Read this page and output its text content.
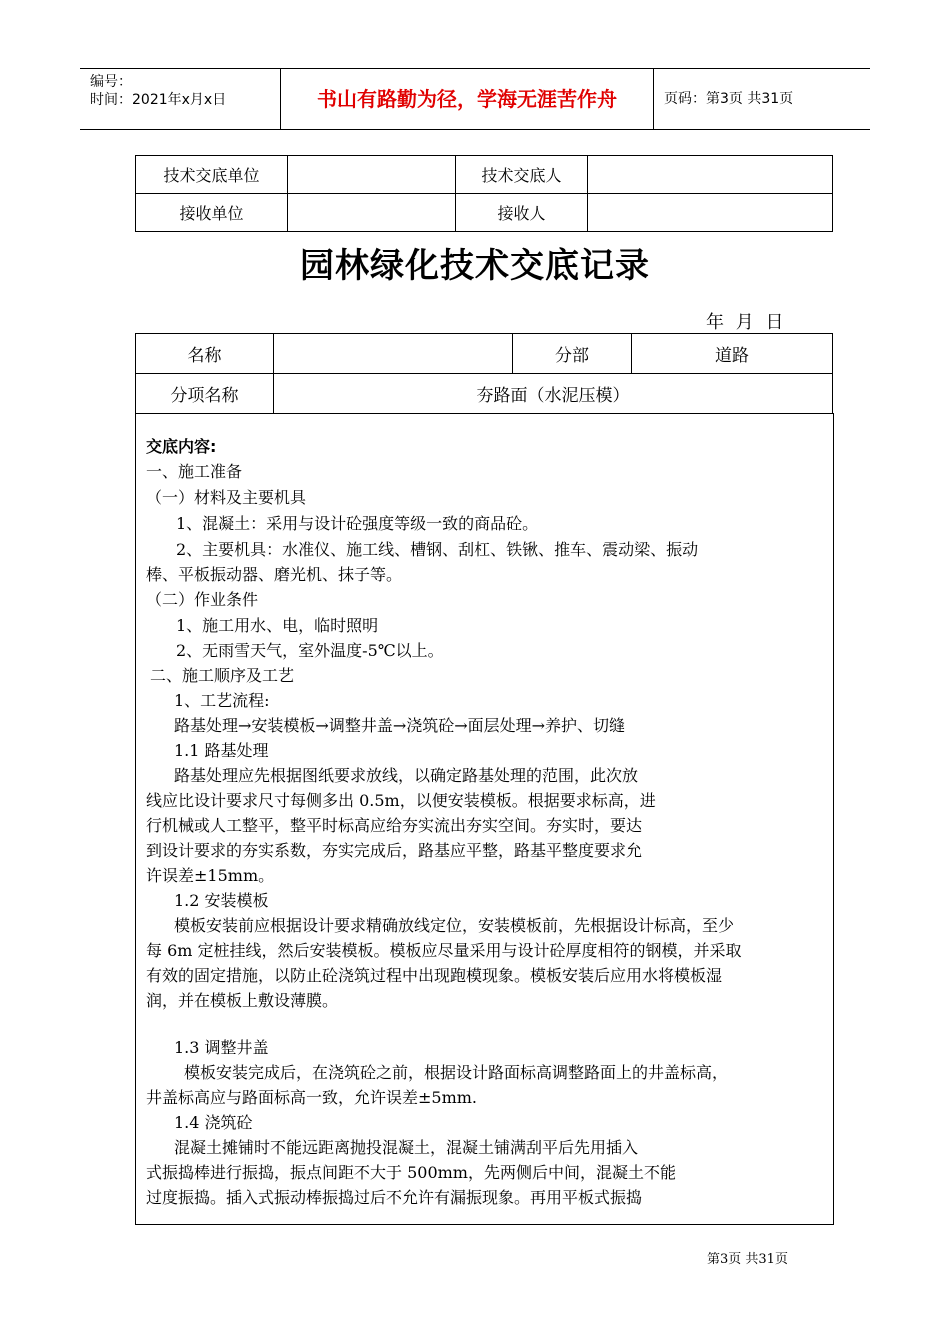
编号：
时间：2021年x月x日	书山有路勤为径，学海无涯苦作舟	页码：第3页 共31页
技术交底单位		技术交底人	
接收单位		接收人	
园林绿化技术交底记录
年 月 日
名称		分部	道路
分项名称	夯路面（水泥压模）		
交底内容:
一、施工准备
（一）材料及主要机具
1、混凝土：采用与设计砼强度等级一致的商品砼。
2、主要机具：水准仪、施工线、槽钢、刮杠、铁锹、推车、震动梁、振动
棒、平板振动器、磨光机、抹子等。
（二）作业条件
1、施工用水、电，临时照明
2、无雨雪天气，室外温度-5℃以上。
二、施工顺序及工艺
1、工艺流程:
路基处理→安装模板→调整井盖→浇筑砼→面层处理→养护、切缝
1.1 路基处理
路基处理应先根据图纸要求放线，以确定路基处理的范围，此次放
线应比设计要求尺寸每侧多出 0.5m，以便安装模板。根据要求标高，进
行机械或人工整平，整平时标高应给夯实流出夯实空间。夯实时，要达
到设计要求的夯实系数，夯实完成后，路基应平整，路基平整度要求允
许误差±15mm。
1.2 安装模板
模板安装前应根据设计要求精确放线定位，安装模板前，先根据设计标高，至少
每 6m 定桩挂线，然后安装模板。模板应尽量采用与设计砼厚度相符的钢模，并采取
有效的固定措施，以防止砼浇筑过程中出现跑模现象。模板安装后应用水将模板湿
润，并在模板上敷设薄膜。
1.3 调整井盖
模板安装完成后，在浇筑砼之前，根据设计路面标高调整路面上的井盖标高，
井盖标高应与路面标高一致，允许误差±5mm.
1.4 浇筑砼
混凝土摊铺时不能远距离抛投混凝土，混凝土铺满刮平后先用插入
式振捣棒进行振捣，振点间距不大于 500mm，先两侧后中间，混凝土不能
过度振捣。插入式振动棒振捣过后不允许有漏振现象。再用平板式振捣
第3页 共31页
